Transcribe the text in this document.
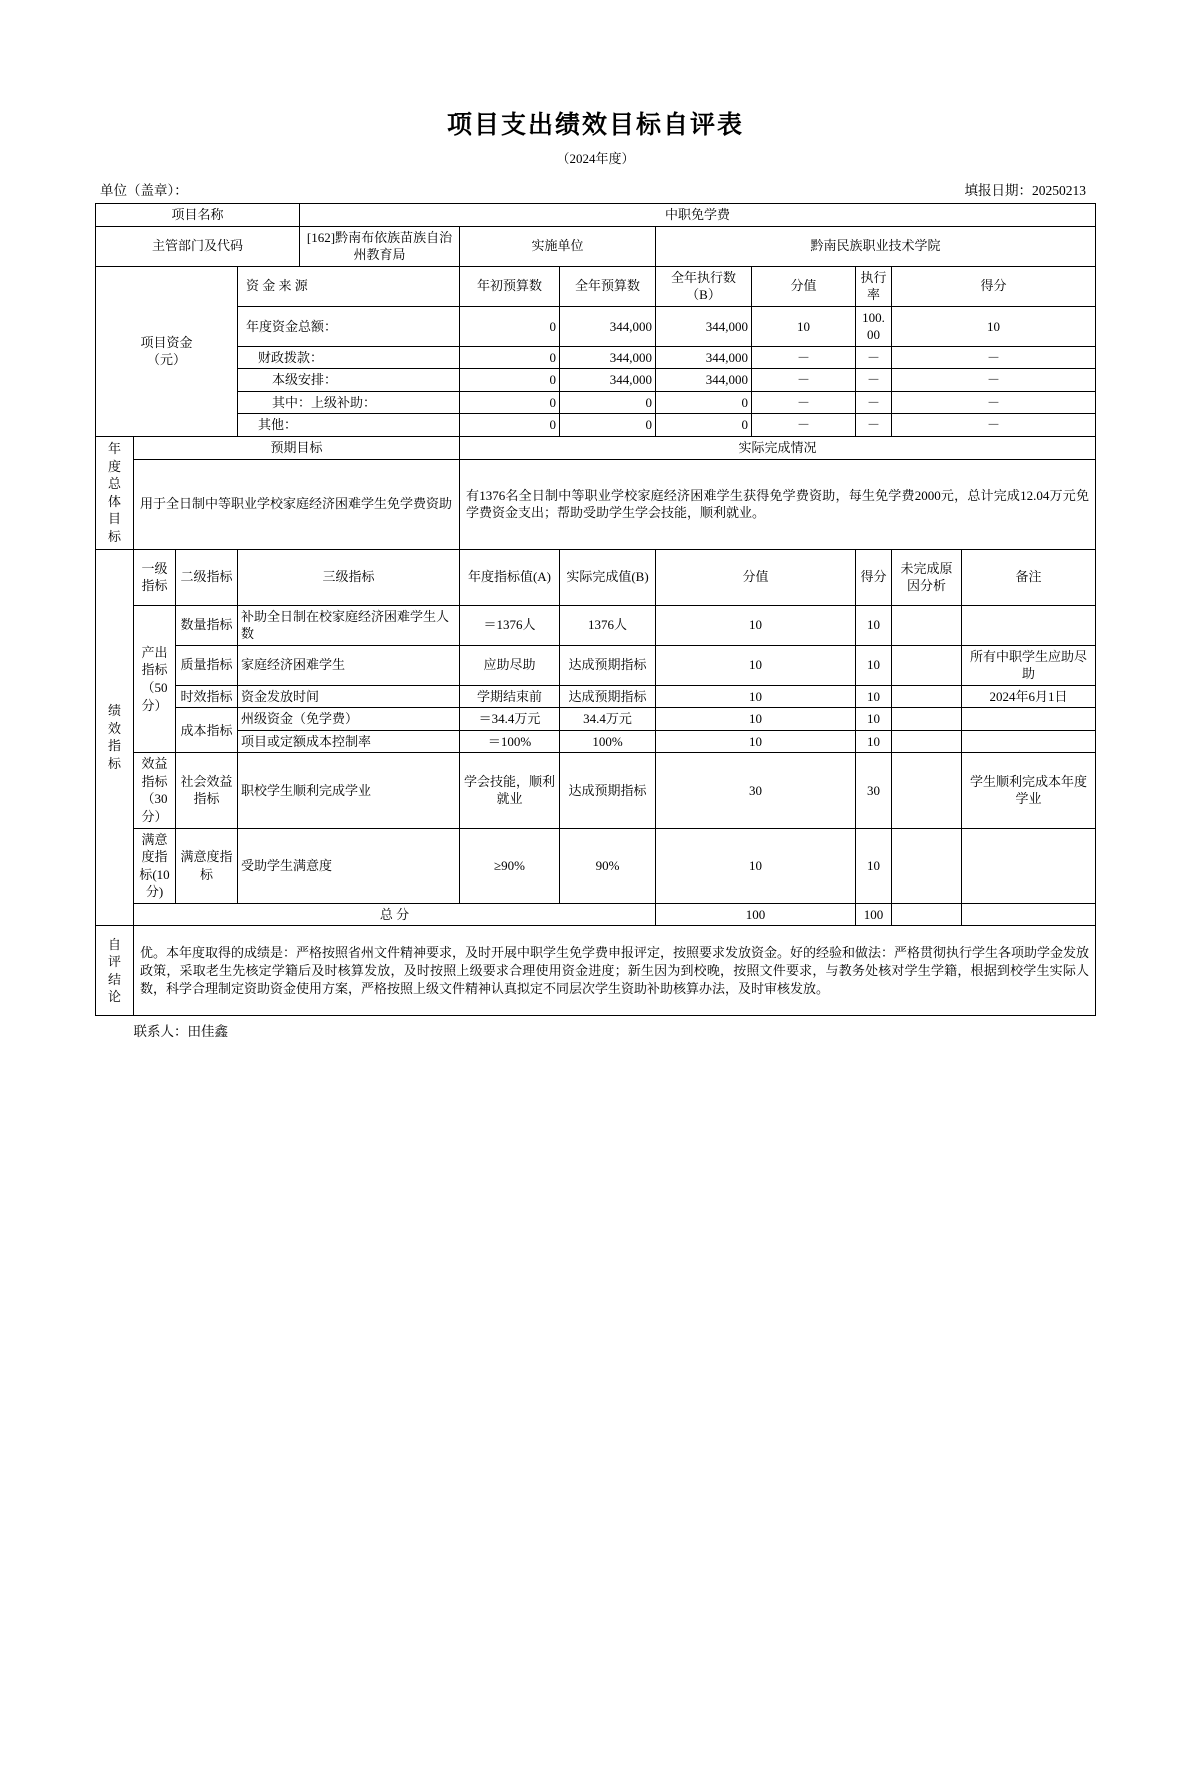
项目支出绩效目标自评表
（2024年度）
单位（盖章）：	填报日期：20250213
项目名称				中职免学费							
主管部门及代码				[162]黔南布依族苗族自治州教育局	实施单位		黔南民族职业技术学院				

项目资金
（元）			资 金 来 源		年初预算数	全年预算数	全年执行数（B）	分值	执行率	得分	
			年度资金总额：		0	344,000	344,000	10	100.00	10	
			财政拨款：		0	344,000	344,000	－	－	－	
			本级安排：		0	344,000	344,000	－	－	－	
			其中：上级补助：		0	0	0	－	－	－	
			其他：		0	0	0	－	－	－	
年
度
总
体
目
标	预期目标	实际完成情况
	用于全日制中等职业学校家庭经济困难学生免学费资助				有1376名全日制中等职业学校家庭经济困难学生获得免学费资助，每生免学费2000元，总计完成12.04万元免学费资金支出；帮助受助学生学会技能，顺利就业。						
绩
效
指
标	一级指标	二级指标	三级指标		年度指标值(A)	实际完成值(B)	分值		得分	未完成原因分析	备注
	产出指标（50分）	数量指标	补助全日制在校家庭经济困难学生人数		＝1376人	1376人	10		10		
		质量指标	家庭经济困难学生		应助尽助	达成预期指标	10		10		所有中职学生应助尽助
		时效指标	资金发放时间		学期结束前	达成预期指标	10		10		2024年6月1日
		成本指标	州级资金（免学费）		＝34.4万元	34.4万元	10		10		
			项目或定额成本控制率		＝100%	100%	10		10		
	效益指标（30分）	社会效益指标	职校学生顺利完成学业		学会技能，顺利就业	达成预期指标	30		30		学生顺利完成本年度学业
	满意度指标(10分)	满意度指标	受助学生满意度		≥90%	90%	10		10		
	总 分						100		100		
自
评
结
论	优。本年度取得的成绩是：严格按照省州文件精神要求，及时开展中职学生免学费申报评定，按照要求发放资金。好的经验和做法：严格贯彻执行学生各项助学金发放政策，采取老生先核定学籍后及时核算发放，及时按照上级要求合理使用资金进度；新生因为到校晚，按照文件要求，与教务处核对学生学籍，根据到校学生实际人数，科学合理制定资助资金使用方案，严格按照上级文件精神认真拟定不同层次学生资助补助核算办法，及时审核发放。										
联系人：田佳鑫
